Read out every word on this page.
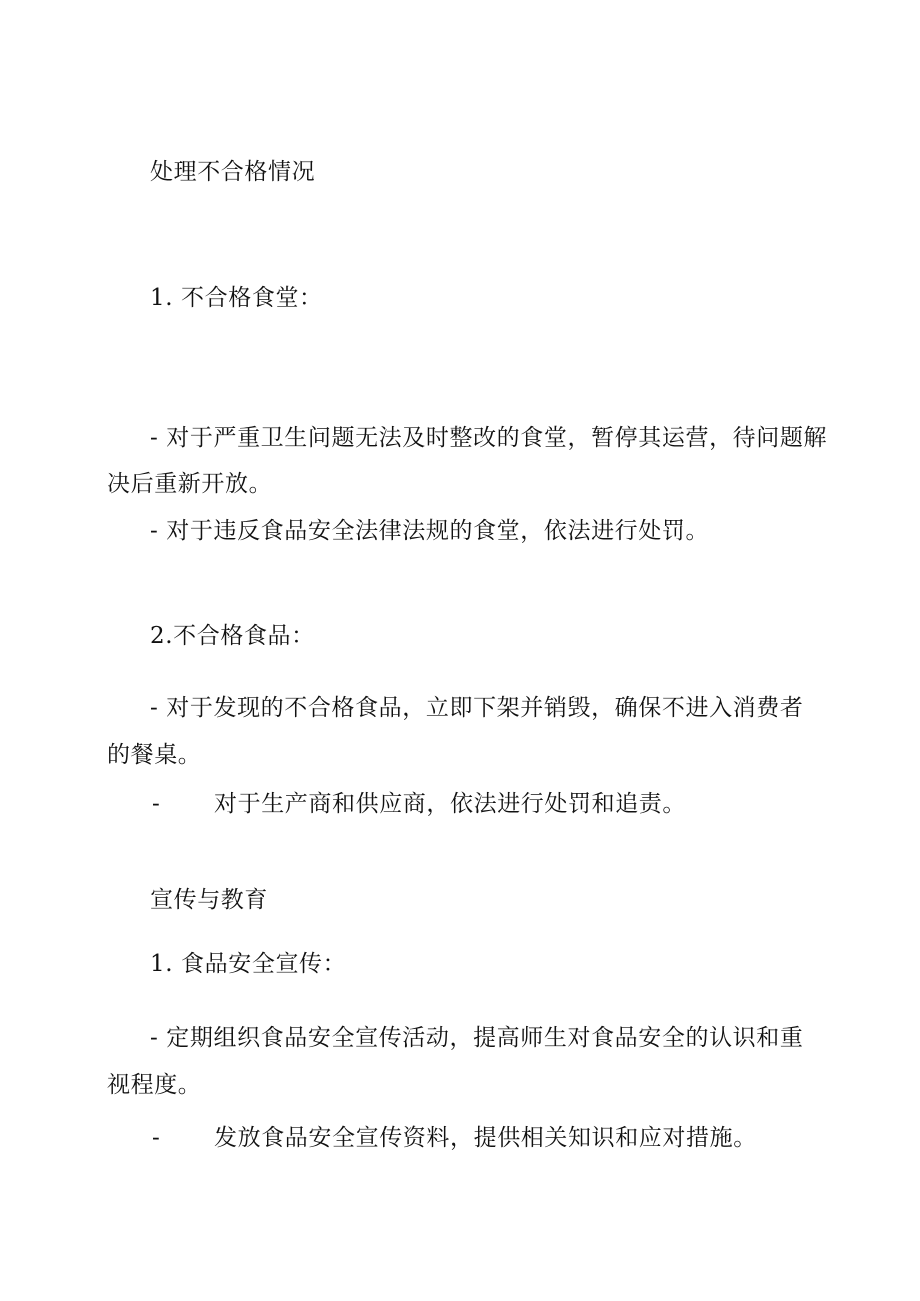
处理不合格情况
1. 不合格食堂：
- 对于严重卫生问题无法及时整改的食堂，暂停其运营，待问题解
决后重新开放。
- 对于违反食品安全法律法规的食堂，依法进行处罚。
2.不合格食品：
- 对于发现的不合格食品，立即下架并销毁，确保不进入消费者
的餐桌。
- 对于生产商和供应商，依法进行处罚和追责。
宣传与教育
1. 食品安全宣传：
- 定期组织食品安全宣传活动，提高师生对食品安全的认识和重
视程度。
- 发放食品安全宣传资料，提供相关知识和应对措施。
